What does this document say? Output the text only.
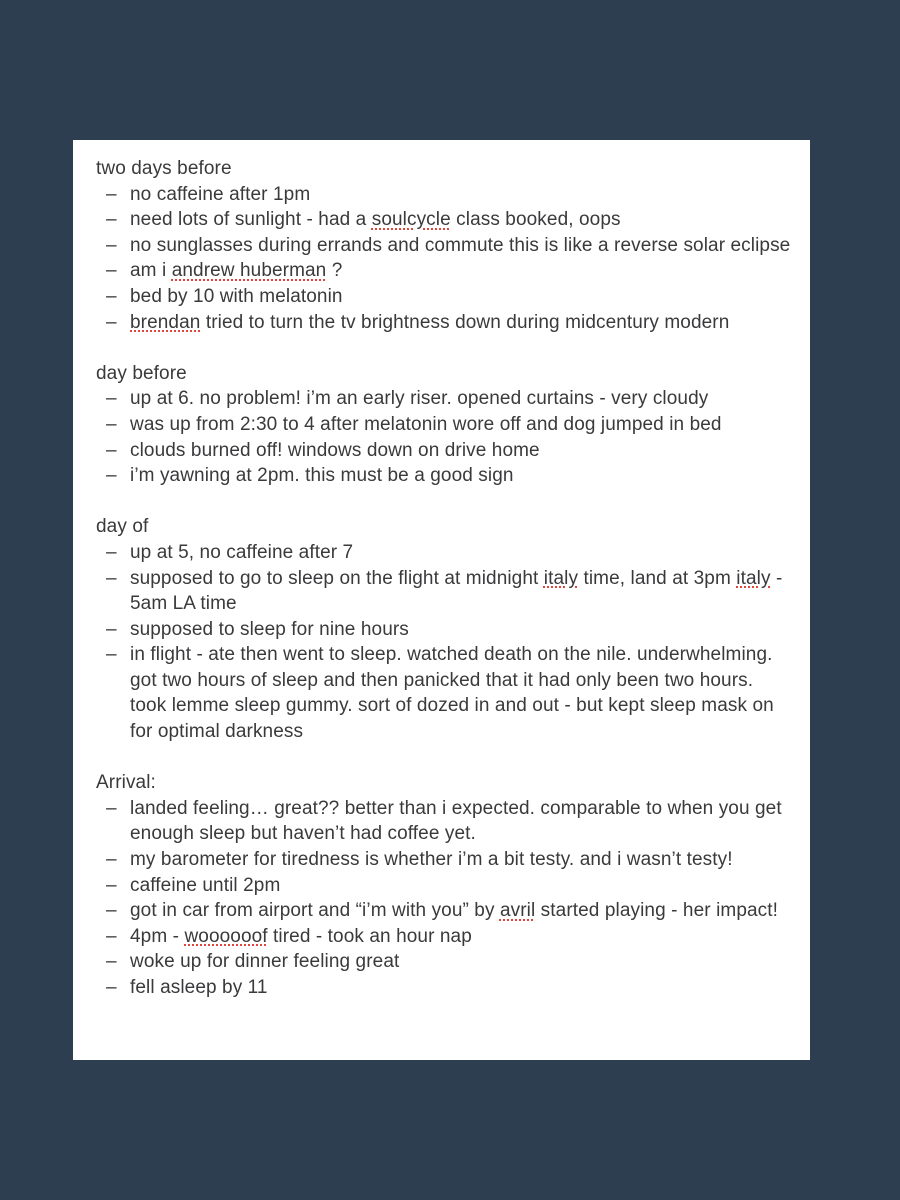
two days before
– no caffeine after 1pm
– need lots of sunlight - had a soulcycle class booked, oops
– no sunglasses during errands and commute this is like a reverse solar eclipse
– am i andrew huberman ?
– bed by 10 with melatonin
– brendan tried to turn the tv brightness down during midcentury modern
day before
– up at 6. no problem! i’m an early riser. opened curtains - very cloudy
– was up from 2:30 to 4 after melatonin wore off and dog jumped in bed
– clouds burned off! windows down on drive home
– i’m yawning at 2pm. this must be a good sign
day of
– up at 5, no caffeine after 7
– supposed to go to sleep on the flight at midnight italy time, land at 3pm italy - 5am LA time
– supposed to sleep for nine hours
– in flight - ate then went to sleep. watched death on the nile. underwhelming. got two hours of sleep and then panicked that it had only been two hours. took lemme sleep gummy. sort of dozed in and out - but kept sleep mask on for optimal darkness
Arrival:
– landed feeling… great?? better than i expected. comparable to when you get enough sleep but haven’t had coffee yet.
– my barometer for tiredness is whether i’m a bit testy. and i wasn’t testy!
– caffeine until 2pm
– got in car from airport and “i’m with you” by avril started playing - her impact!
– 4pm - woooooof tired - took an hour nap
– woke up for dinner feeling great
– fell asleep by 11
